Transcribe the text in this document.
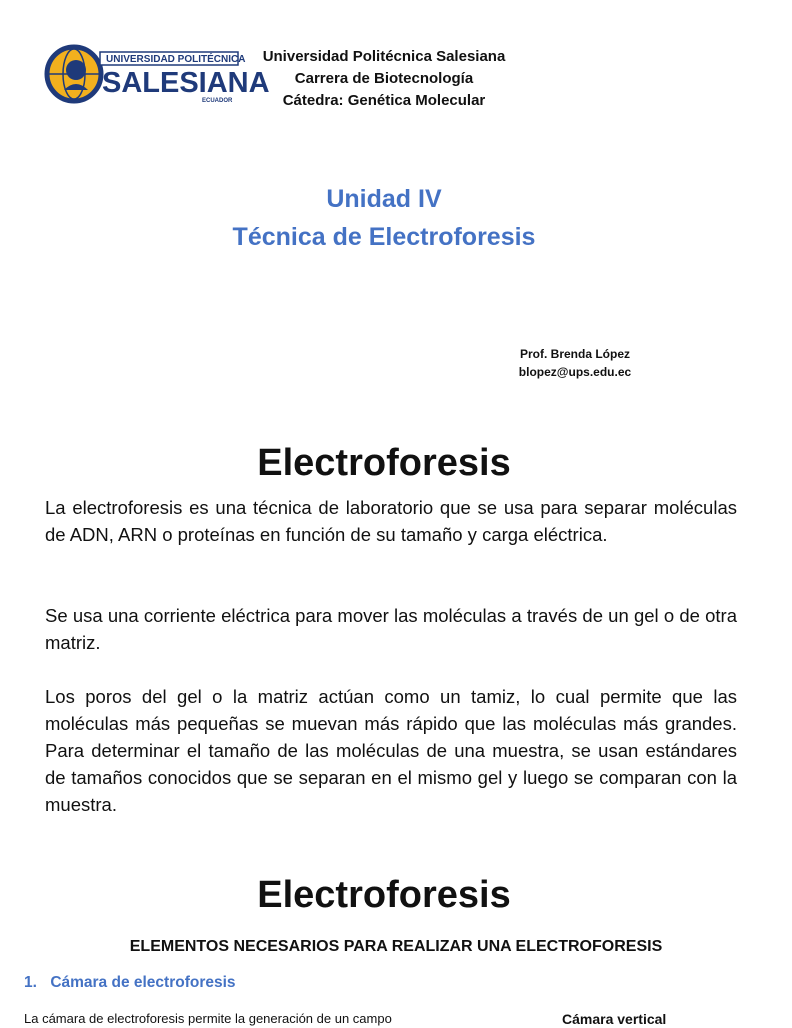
UNIVERSIDAD POLITÉCNICA
SALESIANA
ECUADOR
Universidad Politécnica Salesiana
Carrera de Biotecnología
Cátedra: Genética Molecular
Unidad IV
Técnica de Electroforesis
Prof. Brenda López
blopez@ups.edu.ec
Electroforesis
La electroforesis es una técnica de laboratorio que se usa para separar moléculas de ADN, ARN o proteínas en función de su tamaño y carga eléctrica.
Se usa una corriente eléctrica para mover las moléculas a través de un gel o de otra matriz.
Los poros del gel o la matriz actúan como un tamiz, lo cual permite que las moléculas más pequeñas se muevan más rápido que las moléculas más grandes. Para determinar el tamaño de las moléculas de una muestra, se usan estándares de tamaños conocidos que se separan en el mismo gel y luego se comparan con la muestra.
Electroforesis
ELEMENTOS NECESARIOS PARA REALIZAR UNA ELECTROFORESIS
1. Cámara de electroforesis
La cámara de electroforesis permite la generación de un campo	Cámara vertical
